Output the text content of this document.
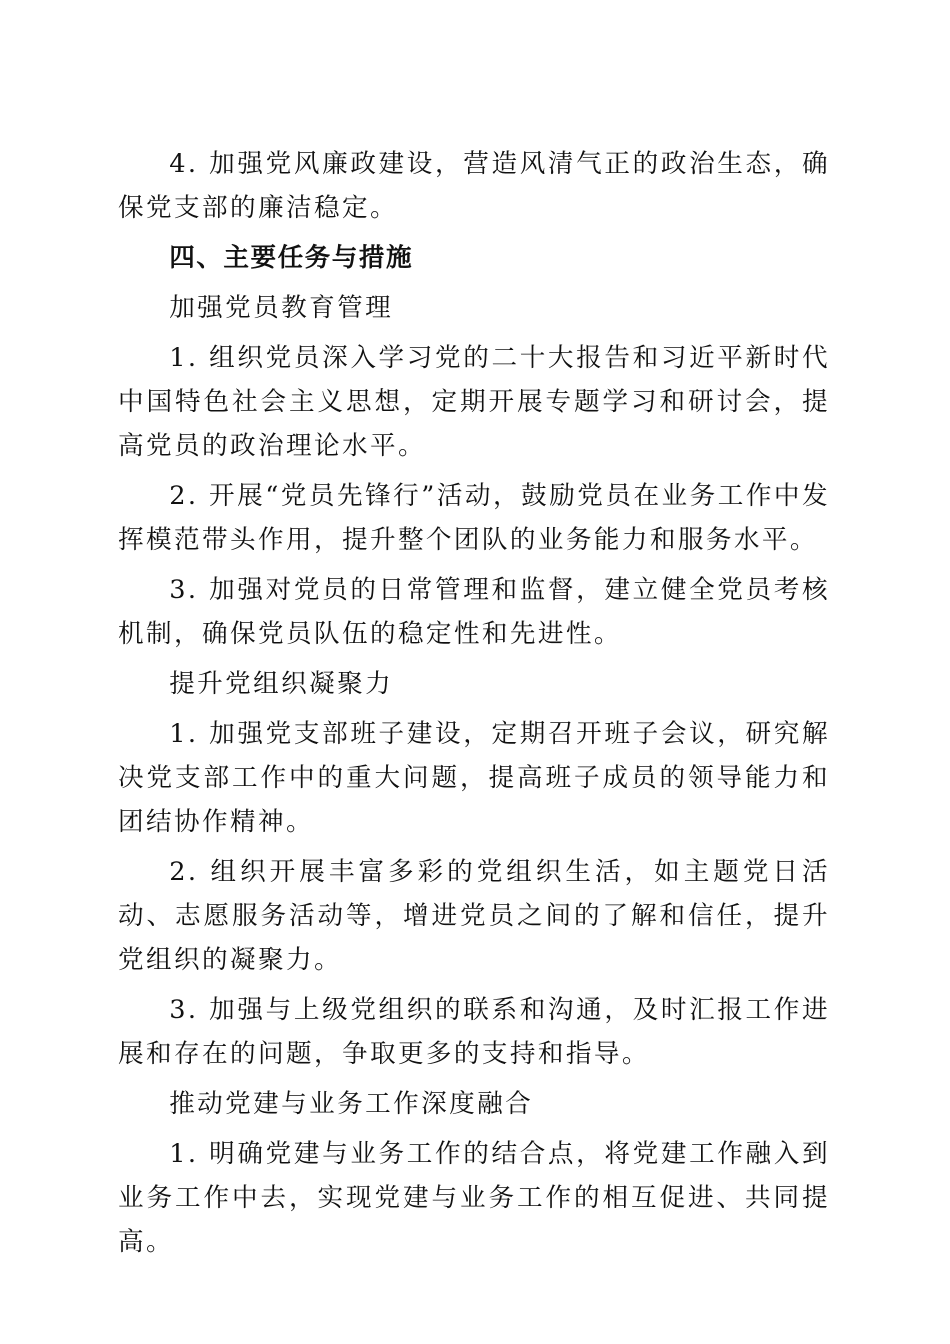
4. 加强党风廉政建设，营造风清气正的政治生态，确保党支部的廉洁稳定。

四、主要任务与措施

加强党员教育管理

1. 组织党员深入学习党的二十大报告和习近平新时代中国特色社会主义思想，定期开展专题学习和研讨会，提高党员的政治理论水平。

2. 开展“党员先锋行”活动，鼓励党员在业务工作中发挥模范带头作用，提升整个团队的业务能力和服务水平。

3. 加强对党员的日常管理和监督，建立健全党员考核机制，确保党员队伍的稳定性和先进性。

提升党组织凝聚力

1. 加强党支部班子建设，定期召开班子会议，研究解决党支部工作中的重大问题，提高班子成员的领导能力和团结协作精神。

2. 组织开展丰富多彩的党组织生活，如主题党日活动、志愿服务活动等，增进党员之间的了解和信任，提升党组织的凝聚力。

3. 加强与上级党组织的联系和沟通，及时汇报工作进展和存在的问题，争取更多的支持和指导。

推动党建与业务工作深度融合

1. 明确党建与业务工作的结合点，将党建工作融入到业务工作中去，实现党建与业务工作的相互促进、共同提高。
